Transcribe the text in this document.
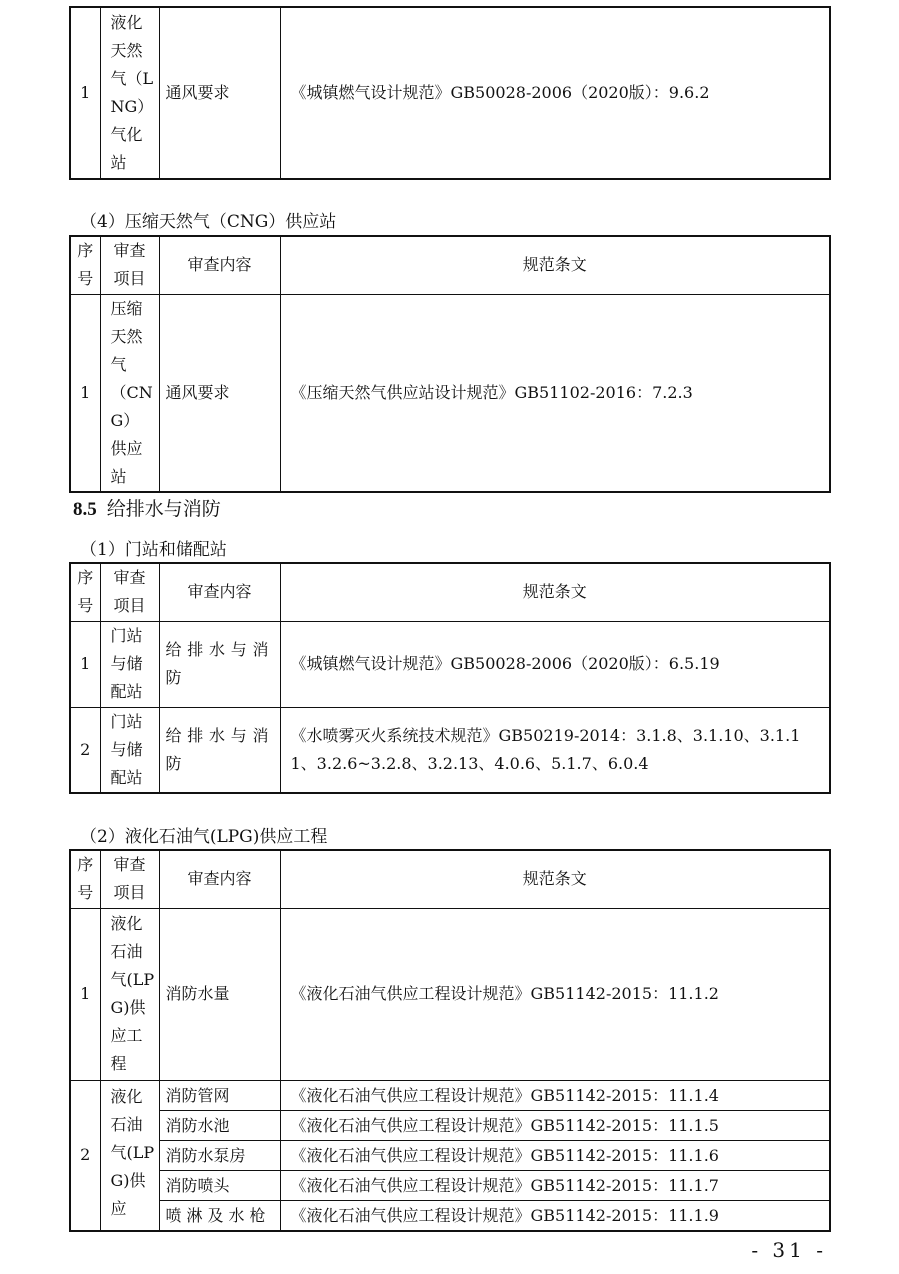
1	液化天然气（LNG）气化站	通风要求	《城镇燃气设计规范》GB50028-2006（2020版）：9.6.2
（4）压缩天然气（CNG）供应站
序号	审查项目	审查内容	规范条文
1	压缩天然气（CNG）供应站	通风要求	《压缩天然气供应站设计规范》GB51102-2016：7.2.3
8.5 给排水与消防
（1）门站和储配站
序号	审查项目	审查内容	规范条文
1	门站与储配站	给排水与消防	《城镇燃气设计规范》GB50028-2006（2020版）：6.5.19
2	门站与储配站	给排水与消防	《水喷雾灭火系统技术规范》GB50219-2014：3.1.8、3.1.10、3.1.11、3.2.6~3.2.8、3.2.13、4.0.6、5.1.7、6.0.4
（2）液化石油气(LPG)供应工程
序号	审查项目	审查内容	规范条文
1	液化石油气(LPG)供应工程	消防水量	《液化石油气供应工程设计规范》GB51142-2015：11.1.2
2	液化石油气(LPG)供应	消防管网	《液化石油气供应工程设计规范》GB51142-2015：11.1.4
		消防水池	《液化石油气供应工程设计规范》GB51142-2015：11.1.5
		消防水泵房	《液化石油气供应工程设计规范》GB51142-2015：11.1.6
		消防喷头	《液化石油气供应工程设计规范》GB51142-2015：11.1.7
		喷淋及水枪	《液化石油气供应工程设计规范》GB51142-2015：11.1.9
- 31 -
